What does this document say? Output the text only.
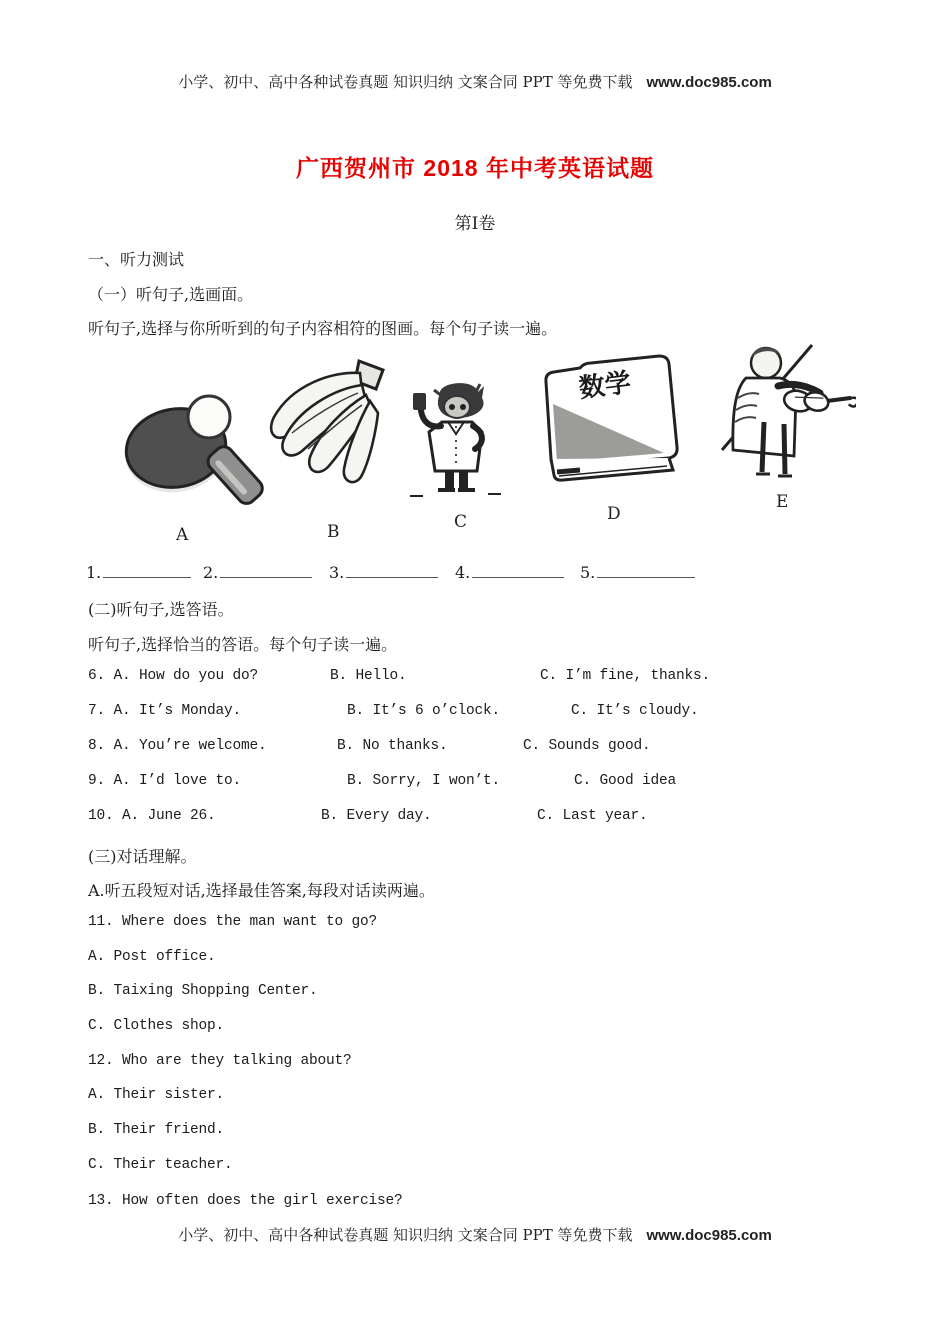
小学、初中、高中各种试卷真题 知识归纳 文案合同 PPT 等免费下载 www.doc985.com
广西贺州市 2018 年中考英语试题
第Ⅰ卷
一、听力测试
（一）听句子,选画面。
听句子,选择与你所听到的句子内容相符的图画。每个句子读一遍。
A	B	C
数学
D
E

1.

	2.

	3.

	4.

	5.

(二)听句子,选答语。
听句子,选择恰当的答语。每个句子读一遍。
6. A. How do you do?	B. Hello.	C. I’m fine, thanks.
7. A. It’s Monday.	B. It’s 6 o’clock.	C. It’s cloudy.
8. A. You’re welcome.	B. No thanks.	C. Sounds good.
9. A. I’d love to.	B. Sorry, I won’t.	C. Good idea
10. A. June 26.	B. Every day.	C. Last year.
(三)对话理解。
A.听五段短对话,选择最佳答案,每段对话读两遍。
11. Where does the man want to go?
A. Post office.
B. Taixing Shopping Center.
C. Clothes shop.
12. Who are they talking about?
A. Their sister.
B. Their friend.
C. Their teacher.
13. How often does the girl exercise?
小学、初中、高中各种试卷真题 知识归纳 文案合同 PPT 等免费下载 www.doc985.com
